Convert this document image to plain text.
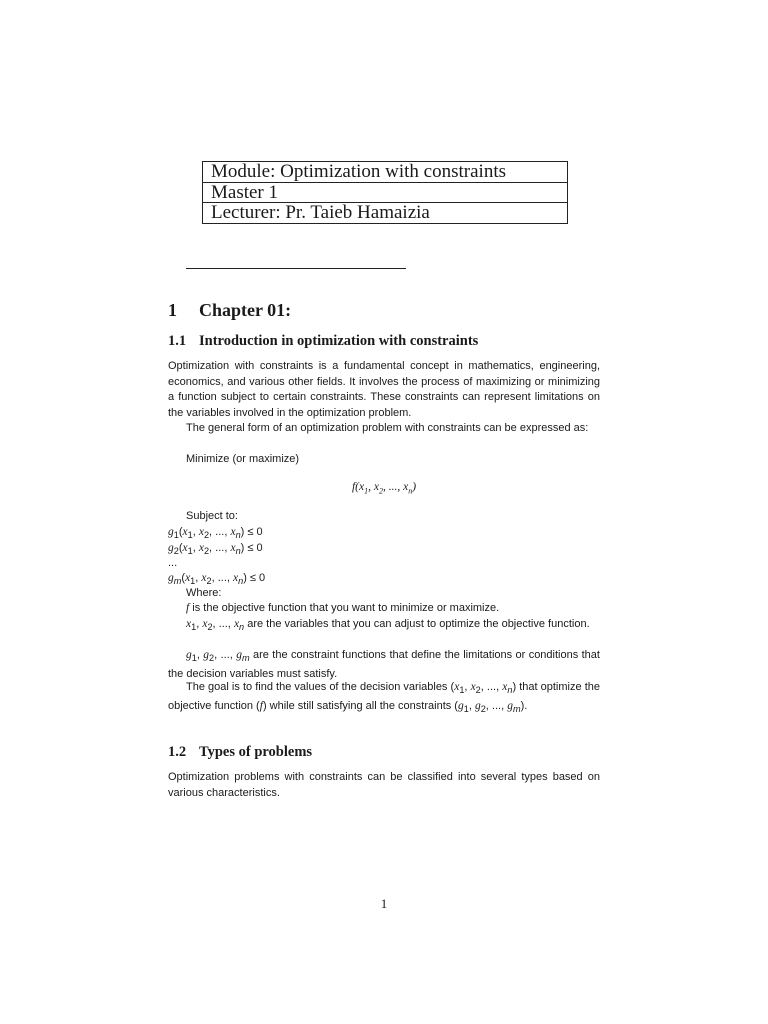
Module: Optimization with constraints
Master 1
Lecturer: Pr. Taieb Hamaizia
1 Chapter 01:
1.1 Introduction in optimization with constraints

Optimization with constraints is a fundamental concept in mathematics, engineering, economics, and various other fields. It involves the process of maximizing or minimizing a function subject to certain constraints. These constraints can represent limitations on the variables involved in the optimization problem.

The general form of an optimization problem with constraints can be expressed as:

Minimize (or maximize)
$f(x_1$, $x_2$, ..., $x_n$)
Subject to:
$g_1(x_1$, $x_2$, ..., $x_n) \le 0$
$g_2(x_1$, $x_2$, ..., $x_n) \le 0$
...
$g_m(x_1$, $x_2$, ..., $x_n) \le 0$
Where:
f is the objective function that you want to minimize or maximize.

$x_1$, $x_2$, ..., $x_n$ are the variables that you can adjust to optimize the objective function.

$g_1$, $g_2$, ..., $g_m$ are the constraint functions that define the limitations or conditions that the decision variables must satisfy.

The goal is to find the values of the decision variables ($x_1$, $x_2$, ..., $x_n$) that optimize the objective function (f) while still satisfying all the constraints ($g_1$, $g_2$, ..., $g_m$).

1.2 Types of problems

Optimization problems with constraints can be classified into several types based on various characteristics.

1
